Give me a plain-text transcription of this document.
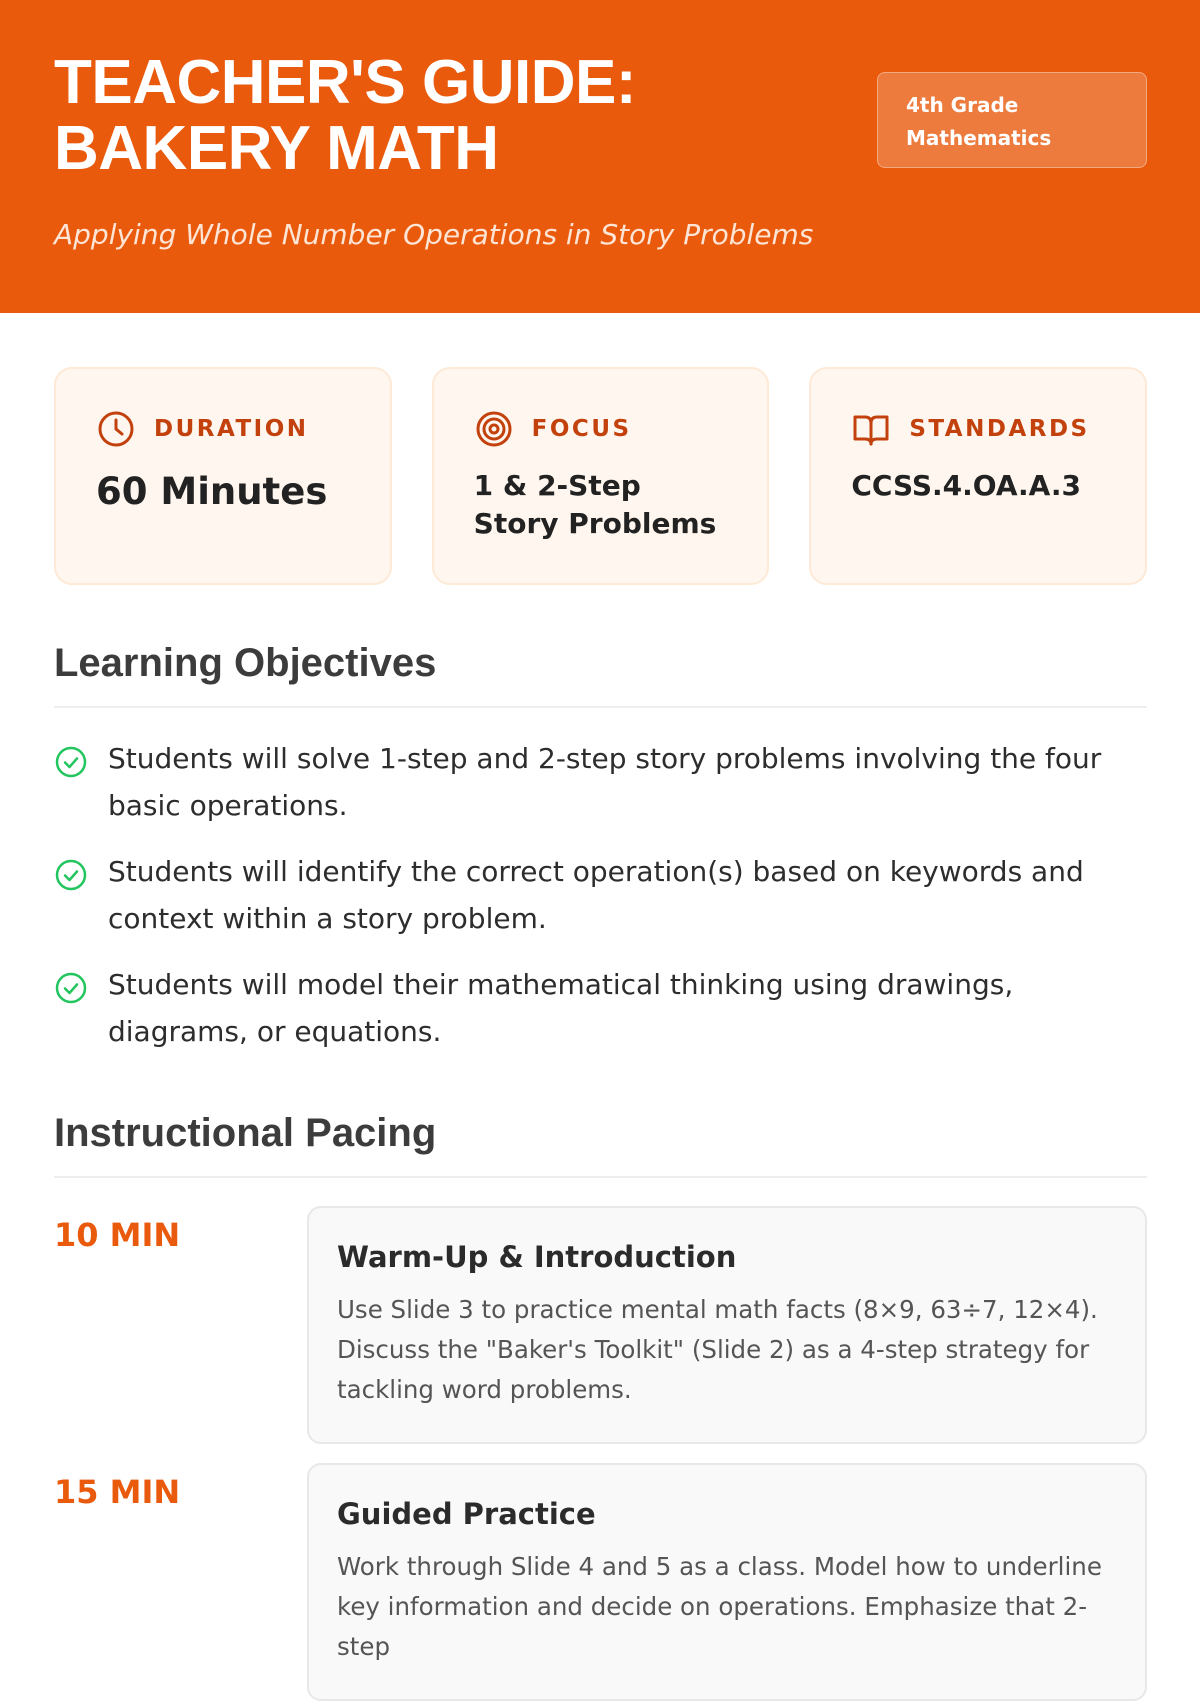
TEACHER'S GUIDE: BAKERY MATH
4th Grade Mathematics
Applying Whole Number Operations in Story Problems
DURATION
60 Minutes
FOCUS
1 & 2-Step Story Problems
STANDARDS
CCSS.4.OA.A.3
Learning Objectives
Students will solve 1-step and 2-step story problems involving the four basic operations.
Students will identify the correct operation(s) based on keywords and context within a story problem.
Students will model their mathematical thinking using drawings, diagrams, or equations.
Instructional Pacing
10 MIN
Warm-Up & Introduction

Use Slide 3 to practice mental math facts (8×9, 63÷7, 12×4). Discuss the "Baker's Toolkit" (Slide 2) as a 4-step strategy for tackling word problems.

15 MIN
Guided Practice

Work through Slide 4 and 5 as a class. Model how to underline key information and decide on operations. Emphasize that 2-step
